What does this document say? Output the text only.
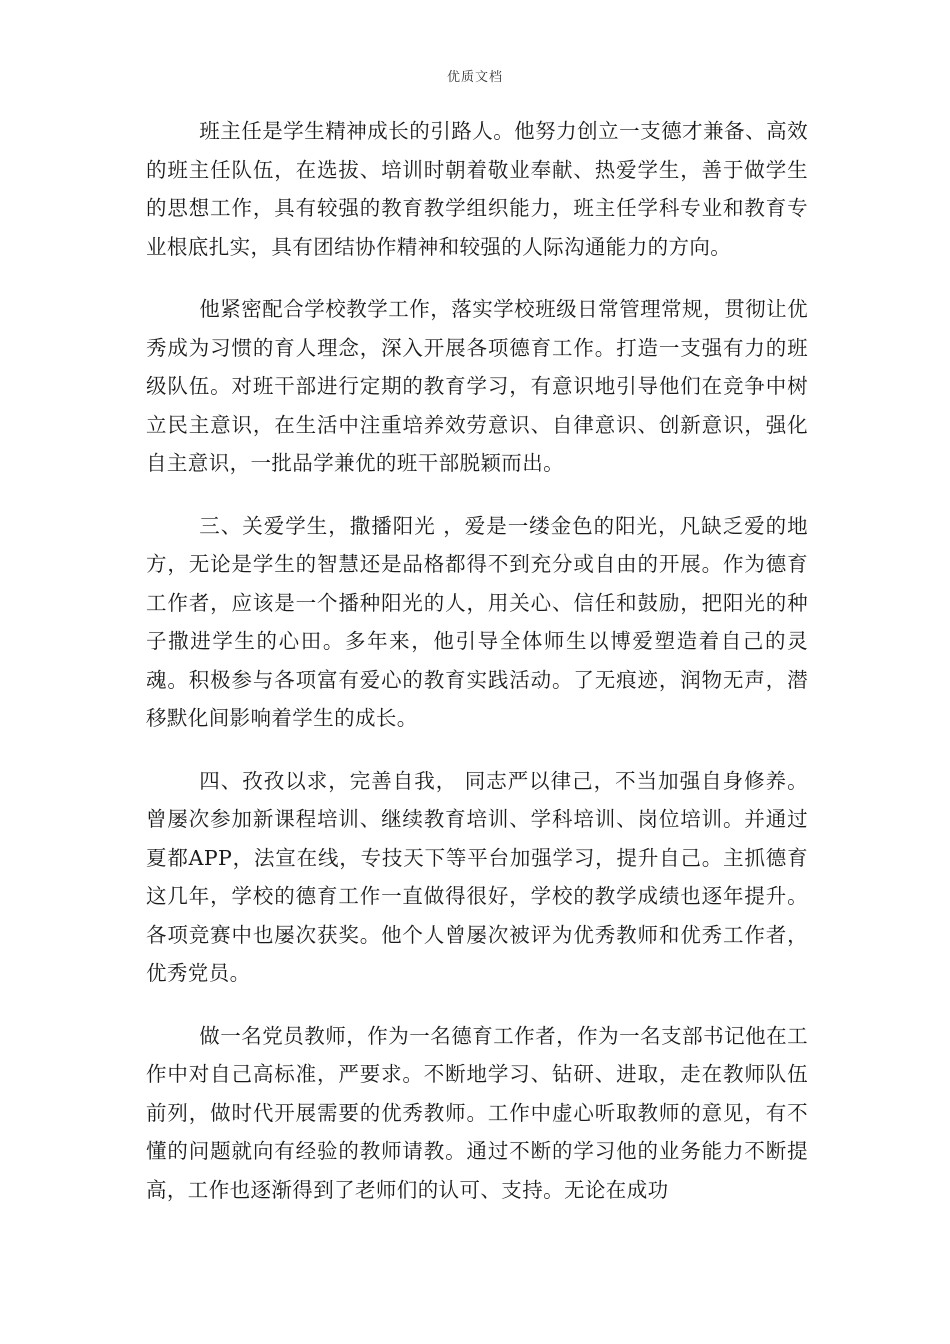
优质文档

班主任是学生精神成长的引路人。他努力创立一支德才兼备、高效的班主任队伍，在选拔、培训时朝着敬业奉献、热爱学生，善于做学生的思想工作，具有较强的教育教学组织能力，班主任学科专业和教育专业根底扎实，具有团结协作精神和较强的人际沟通能力的方向。

他紧密配合学校教学工作，落实学校班级日常管理常规，贯彻让优秀成为习惯的育人理念，深入开展各项德育工作。打造一支强有力的班级队伍。对班干部进行定期的教育学习，有意识地引导他们在竞争中树立民主意识，在生活中注重培养效劳意识、自律意识、创新意识，强化自主意识，一批品学兼优的班干部脱颖而出。

三、关爱学生，撒播阳光 ，爱是一缕金色的阳光，凡缺乏爱的地方，无论是学生的智慧还是品格都得不到充分或自由的开展。作为德育工作者，应该是一个播种阳光的人，用关心、信任和鼓励，把阳光的种子撒进学生的心田。多年来，他引导全体师生以博爱塑造着自己的灵魂。积极参与各项富有爱心的教育实践活动。了无痕迹，润物无声，潜移默化间影响着学生的成长。

四、孜孜以求，完善自我， 同志严以律己，不当加强自身修养。曾屡次参加新课程培训、继续教育培训、学科培训、岗位培训。并通过夏都APP，法宣在线，专技天下等平台加强学习，提升自己。主抓德育这几年，学校的德育工作一直做得很好，学校的教学成绩也逐年提升。各项竞赛中也屡次获奖。他个人曾屡次被评为优秀教师和优秀工作者，优秀党员。

做一名党员教师，作为一名德育工作者，作为一名支部书记他在工作中对自己高标准，严要求。不断地学习、钻研、进取，走在教师队伍前列，做时代开展需要的优秀教师。工作中虚心听取教师的意见，有不懂的问题就向有经验的教师请教。通过不断的学习他的业务能力不断提高，工作也逐渐得到了老师们的认可、支持。无论在成功
